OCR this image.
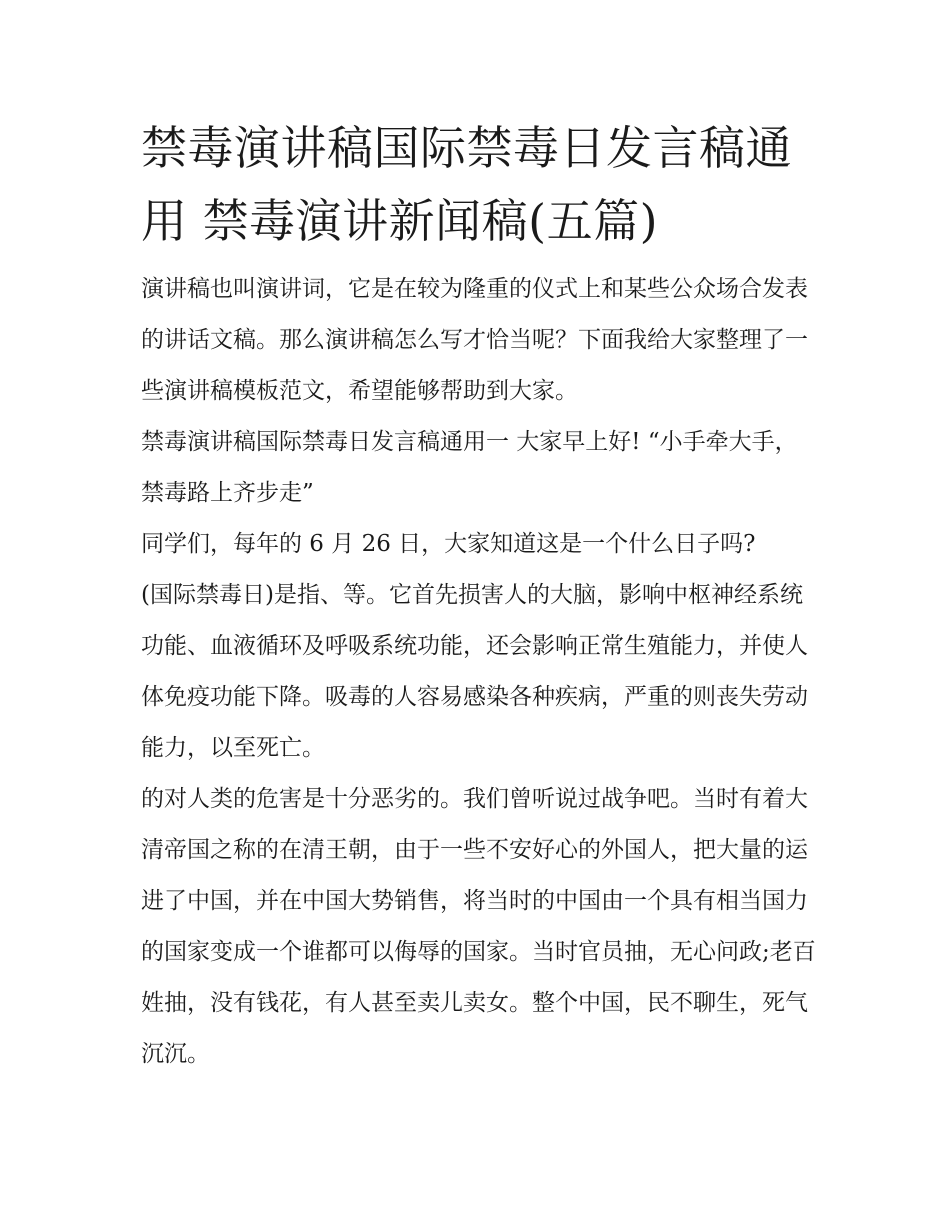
禁毒演讲稿国际禁毒日发言稿通用 禁毒演讲新闻稿(五篇)

演讲稿也叫演讲词，它是在较为隆重的仪式上和某些公众场合发表的讲话文稿。那么演讲稿怎么写才恰当呢？下面我给大家整理了一些演讲稿模板范文，希望能够帮助到大家。

禁毒演讲稿国际禁毒日发言稿通用一 大家早上好! “小手牵大手，禁毒路上齐步走”

同学们，每年的 6 月 26 日，大家知道这是一个什么日子吗?

(国际禁毒日)是指、等。它首先损害人的大脑，影响中枢神经系统功能、血液循环及呼吸系统功能，还会影响正常生殖能力，并使人体免疫功能下降。吸毒的人容易感染各种疾病，严重的则丧失劳动能力，以至死亡。

的对人类的危害是十分恶劣的。我们曾听说过战争吧。当时有着大清帝国之称的在清王朝，由于一些不安好心的外国人，把大量的运进了中国，并在中国大势销售，将当时的中国由一个具有相当国力的国家变成一个谁都可以侮辱的国家。当时官员抽，无心问政;老百姓抽，没有钱花，有人甚至卖儿卖女。整个中国，民不聊生，死气沉沉。
